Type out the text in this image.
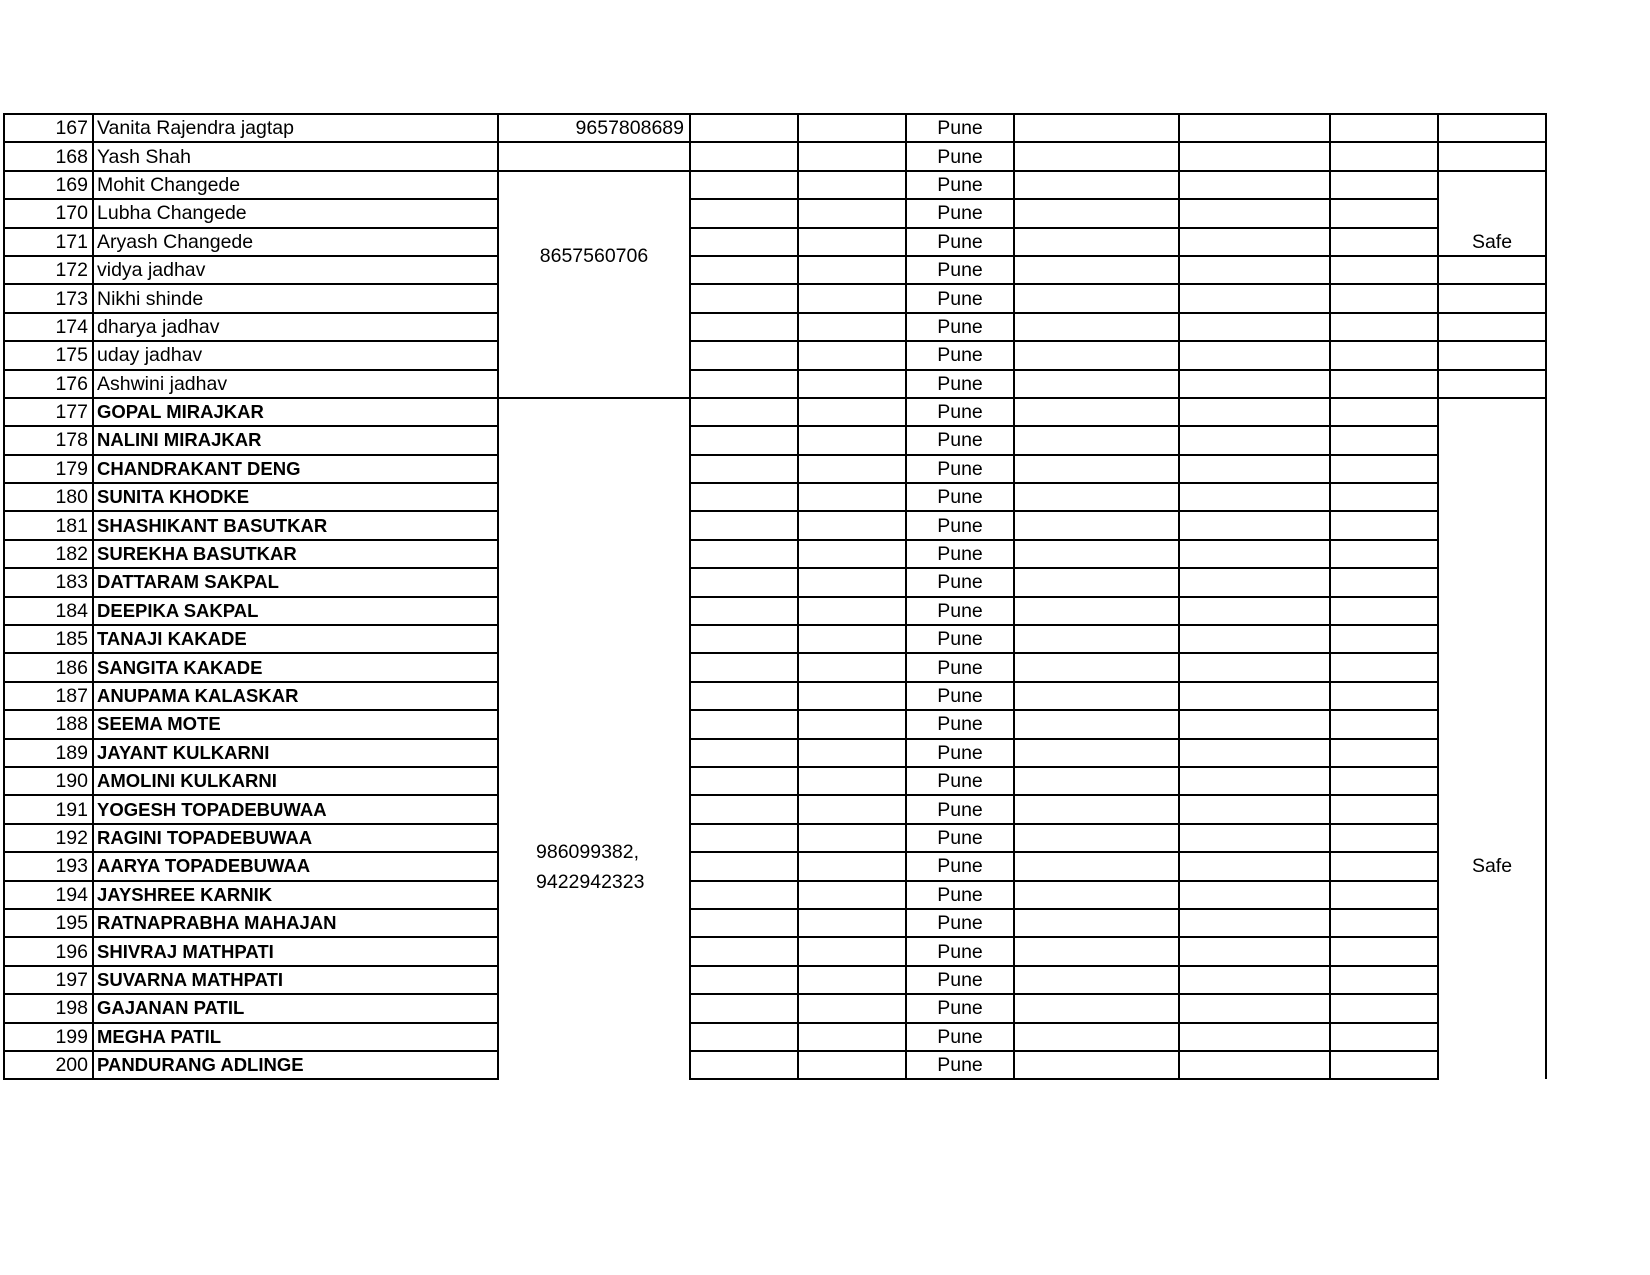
167	Vanita Rajendra jagtap	9657808689			Pune				
168	Yash Shah				Pune				
169	Mohit Changede	8657560706			Pune				Safe
170	Lubha Changede				Pune				
171	Aryash Changede				Pune				
172	vidya jadhav				Pune				
173	Nikhi shinde				Pune				
174	dharya jadhav				Pune				
175	uday jadhav				Pune				
176	Ashwini jadhav				Pune				
177	GOPAL MIRAJKAR	986099382,
9422942323			Pune				Safe
178	NALINI MIRAJKAR				Pune				
179	CHANDRAKANT DENG				Pune				
180	SUNITA KHODKE				Pune				
181	SHASHIKANT BASUTKAR				Pune				
182	SUREKHA BASUTKAR				Pune				
183	DATTARAM SAKPAL				Pune				
184	DEEPIKA SAKPAL				Pune				
185	TANAJI KAKADE				Pune				
186	SANGITA KAKADE				Pune				
187	ANUPAMA KALASKAR				Pune				
188	SEEMA MOTE				Pune				
189	JAYANT KULKARNI				Pune				
190	AMOLINI KULKARNI				Pune				
191	YOGESH TOPADEBUWAA				Pune				
192	RAGINI TOPADEBUWAA				Pune				
193	AARYA TOPADEBUWAA				Pune				
194	JAYSHREE KARNIK				Pune				
195	RATNAPRABHA MAHAJAN				Pune				
196	SHIVRAJ MATHPATI				Pune				
197	SUVARNA MATHPATI				Pune				
198	GAJANAN PATIL				Pune				
199	MEGHA PATIL				Pune				
200	PANDURANG ADLINGE				Pune				
